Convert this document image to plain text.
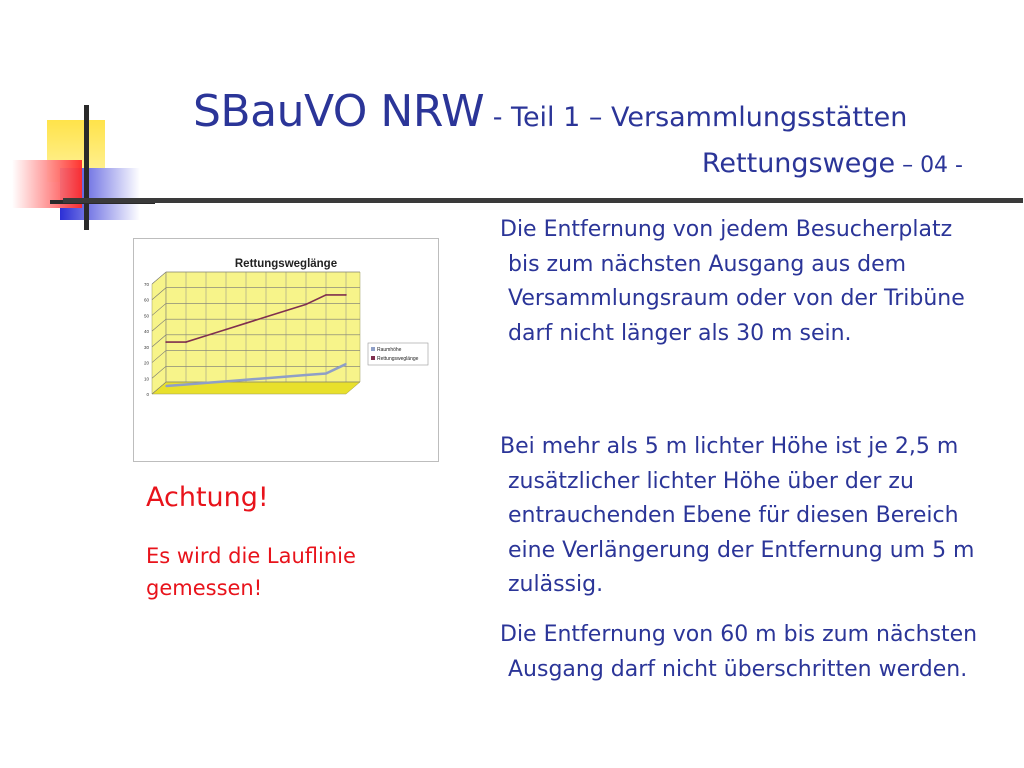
SBauVO NRW - Teil 1 – Versammlungsstätten
Rettungswege – 04 -
0
10
20
30
40
50
60
70
Raumhöhe
Rettungsweglänge
Rettungsweglänge
Achtung!
Es wird die Lauflinie gemessen!
Die Entfernung von jedem Besucherplatz bis zum nächsten Ausgang aus dem Versammlungsraum oder von der Tribüne darf nicht länger als 30 m sein.
Bei mehr als 5 m lichter Höhe ist je 2,5 m zusätzlicher lichter Höhe über der zu entrauchenden Ebene für diesen Bereich eine Verlängerung der Entfernung um 5 m zulässig.
Die Entfernung von 60 m bis zum nächsten Ausgang darf nicht überschritten werden.
